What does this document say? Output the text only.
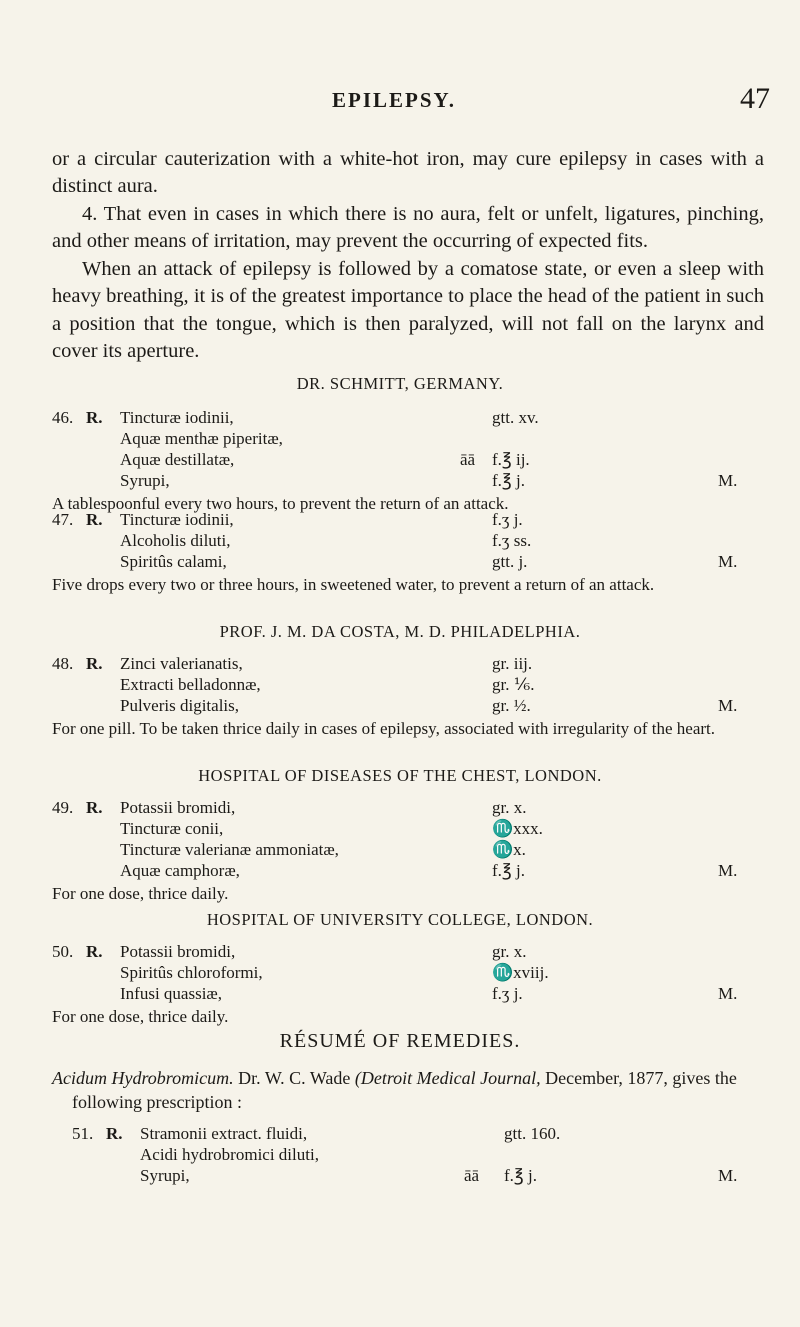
EPILEPSY.	47

or a circular cauterization with a white-hot iron, may cure epilepsy in cases with a distinct aura.

4. That even in cases in which there is no aura, felt or unfelt, ligatures, pinching, and other means of irritation, may prevent the occurring of expected fits.

When an attack of epilepsy is followed by a comatose state, or even a sleep with heavy breathing, it is of the greatest importance to place the head of the patient in such a position that the tongue, which is then paralyzed, will not fall on the larynx and cover its aperture.

DR. SCHMITT, GERMANY.
46. R. Tincturæ iodinii,	gtt. xv.
Aquæ menthæ piperitæ,
Aquæ destillatæ,	āā f.℥ ij.
Syrupi,	f.℥ j.	M.

A tablespoonful every two hours, to prevent the return of an attack.

47. R. Tincturæ iodinii,	f.ʒ j.
Alcoholis diluti,	f.ʒ ss.
Spiritûs calami,	gtt. j.	M.

Five drops every two or three hours, in sweetened water, to prevent a return of an attack.

PROF. J. M. DA COSTA, M. D. PHILADELPHIA.
48. R. Zinci valerianatis,	gr. iij.
Extracti belladonnæ,	gr. ⅙.
Pulveris digitalis,	gr. ½.	M.

For one pill. To be taken thrice daily in cases of epilepsy, associated with irregularity of the heart.

HOSPITAL OF DISEASES OF THE CHEST, LONDON.
49. R. Potassii bromidi,	gr. x.
Tincturæ conii,	♏xxx.
Tincturæ valerianæ ammoniatæ,	♏x.
Aquæ camphoræ,	f.℥ j.	M.

For one dose, thrice daily.

HOSPITAL OF UNIVERSITY COLLEGE, LONDON.
50. R. Potassii bromidi,	gr. x.
Spiritûs chloroformi,	♏xviij.
Infusi quassiæ,	f.ʒ j.	M.

For one dose, thrice daily.

RÉSUMÉ OF REMEDIES.

Acidum Hydrobromicum. Dr. W. C. Wade (Detroit Medical Journal, December, 1877, gives the following prescription :

51. R. Stramonii extract. fluidi,	gtt. 160.
Acidi hydrobromici diluti,
Syrupi,	āā f.℥ j.	M.
